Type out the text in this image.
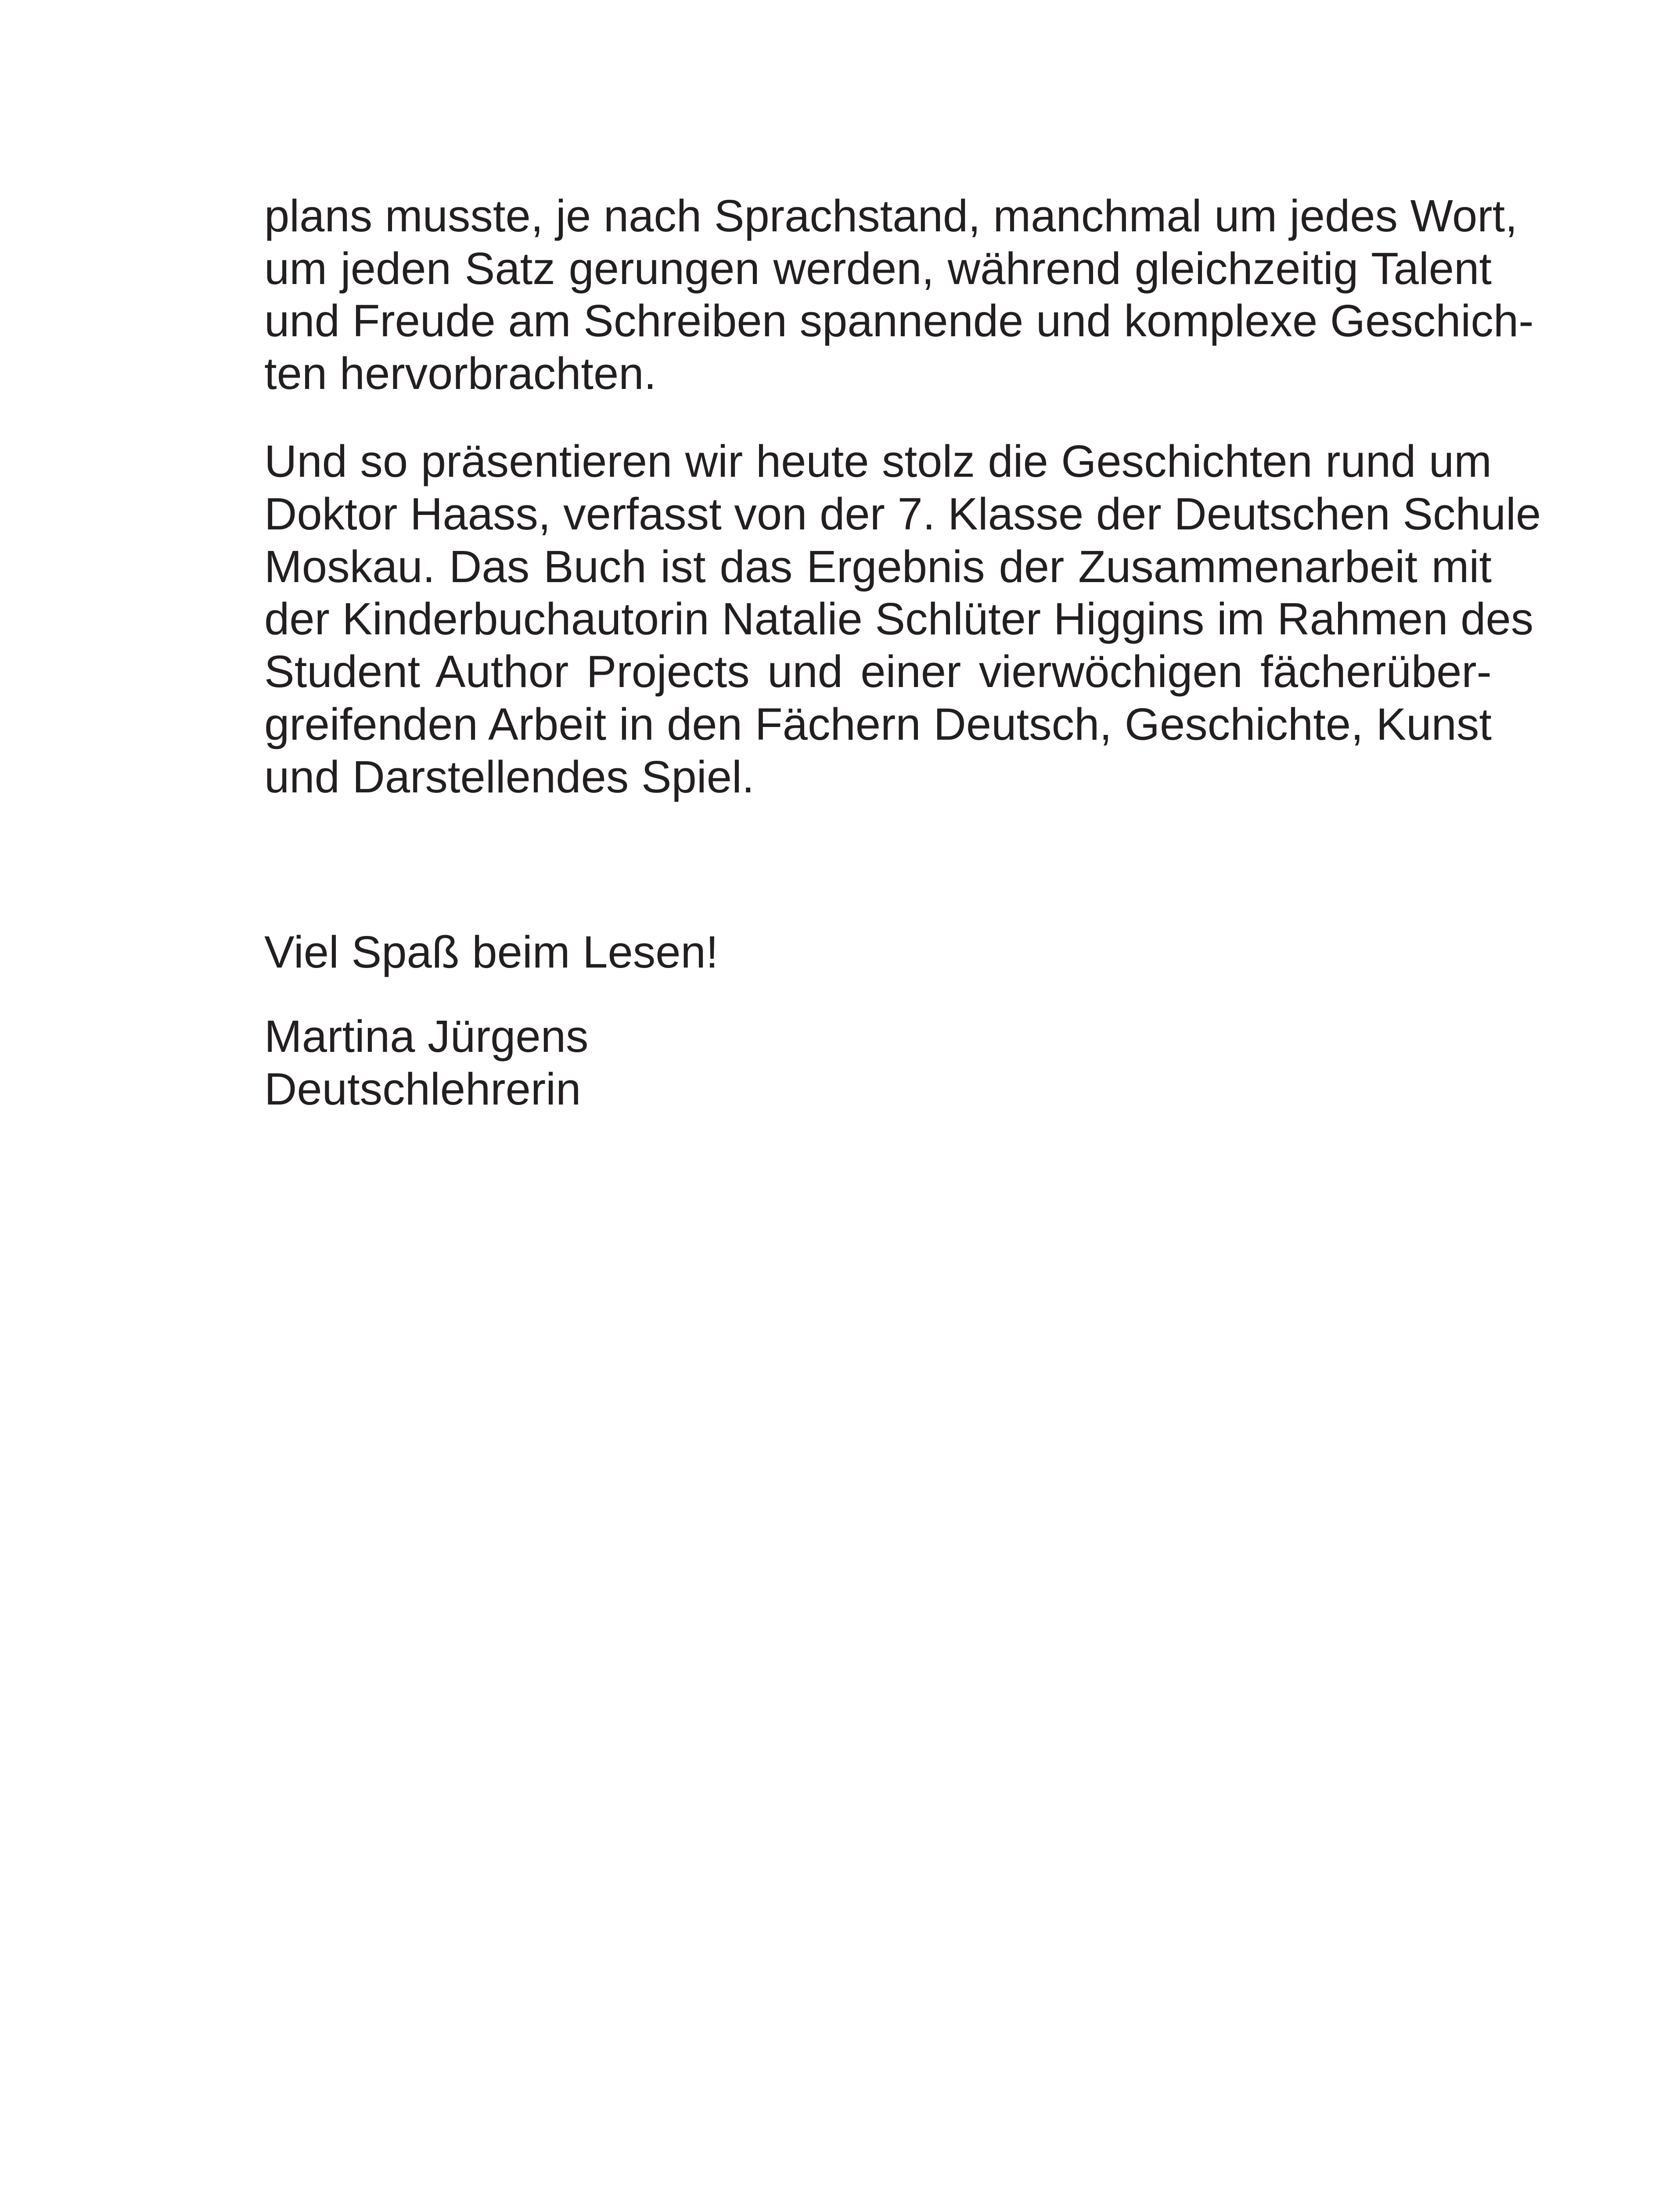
plans musste, je nach Sprachstand, manchmal um jedes Wort,
um jeden Satz gerungen werden, während gleichzeitig Talent
und Freude am Schreiben spannende und komplexe Geschich-
ten hervorbrachten.
Und so präsentieren wir heute stolz die Geschichten rund um
Doktor Haass, verfasst von der 7. Klasse der Deutschen Schule
Moskau. Das Buch ist das Ergebnis der Zusammenarbeit mit
der Kinderbuchautorin Natalie Schlüter Higgins im Rahmen des
Student Author Projects und einer vierwöchigen fächerüber-
greifenden Arbeit in den Fächern Deutsch, Geschichte, Kunst
und Darstellendes Spiel.
Viel Spaß beim Lesen!
Martina Jürgens
Deutschlehrerin
